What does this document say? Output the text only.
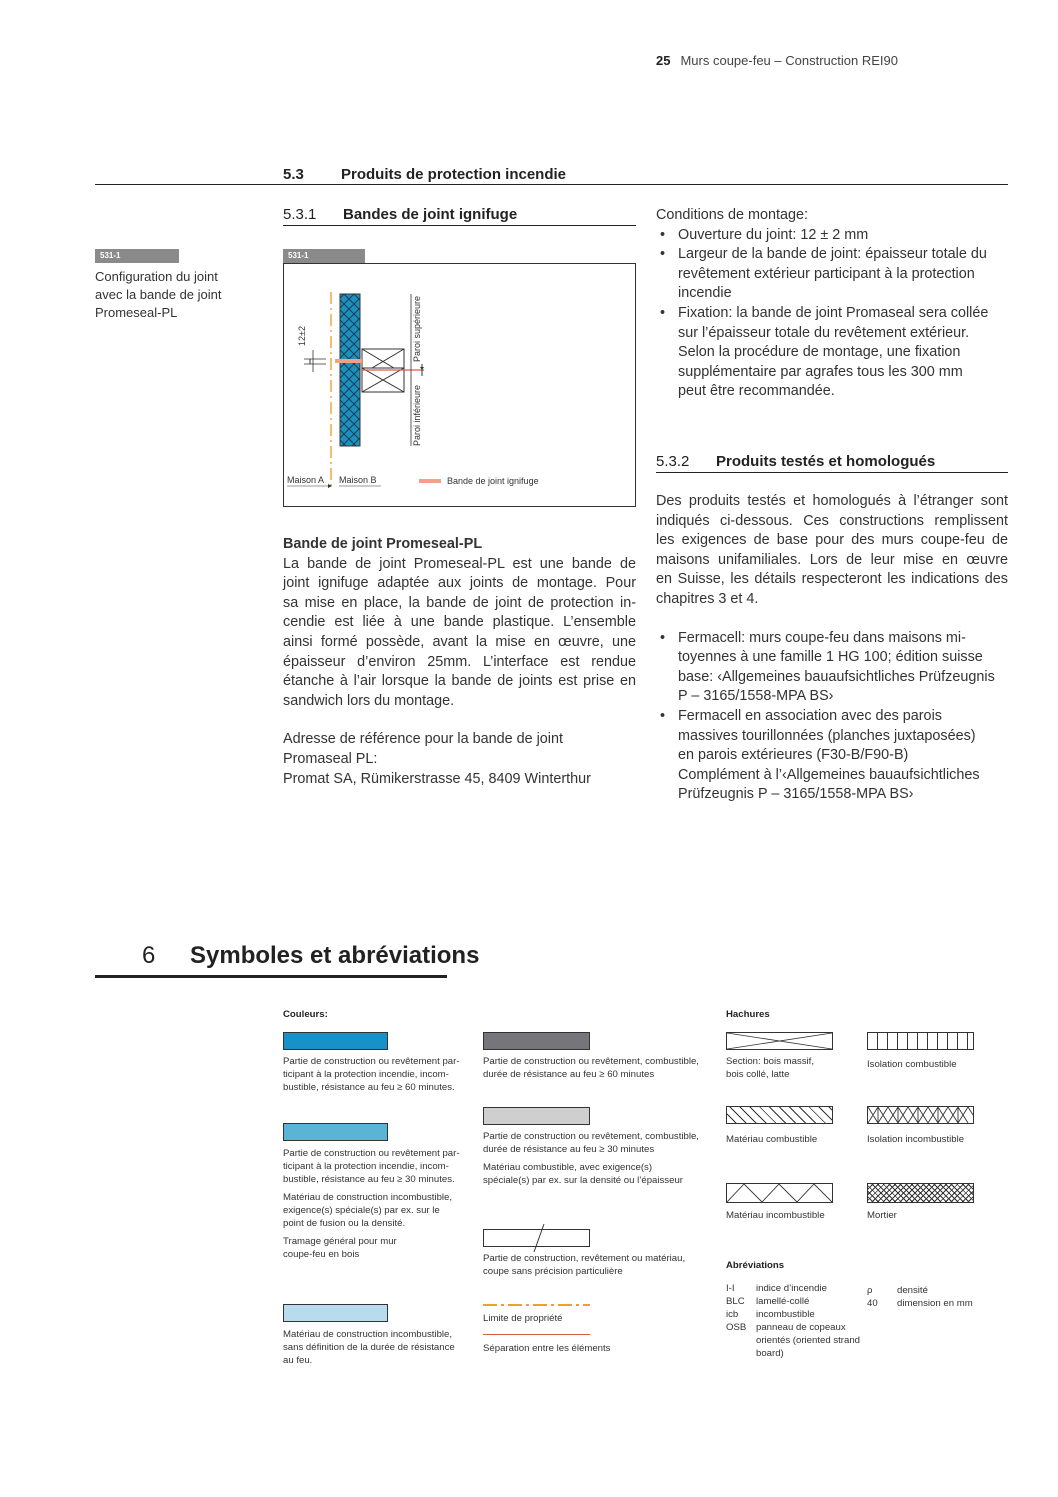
25 Murs coupe-feu – Construction REI90
5.3 Produits de protection incendie
5.3.1 Bandes de joint ignifuge
531-1
Configuration du joint
avec la bande de joint
Promeseal-PL
531-1
12±2	Paroi supérieure
Paroi inférieure
Maison A Maison B	Bande de joint ignifuge
Bande de joint Promeseal-PL
La bande de joint Promeseal-PL est une bande de
joint ignifuge adaptée aux joints de montage. Pour
sa mise en place, la bande de joint de protection in-
cendie est liée à une bande plastique. L’ensemble
ainsi formé possède, avant la mise en œuvre, une
épaisseur d’environ 25mm. L’interface est rendue
étanche à l’air lorsque la bande de joints est prise en
sandwich lors du montage.
Adresse de référence pour la bande de joint
Promaseal PL:
Promat SA, Rümikerstrasse 45, 8409 Winterthur
Conditions de montage:
• Ouverture du joint: 12 ± 2 mm
• Largeur de la bande de joint: épaisseur totale du
revêtement extérieur participant à la protection
incendie
• Fixation: la bande de joint Promaseal sera collée
sur l’épaisseur totale du revêtement extérieur.
Selon la procédure de montage, une fixation
supplémentaire par agrafes tous les 300 mm
peut être recommandée.
5.3.2 Produits testés et homologués
Des produits testés et homologués à l’étranger sont
indiqués ci-dessous. Ces constructions remplissent
les exigences de base pour des murs coupe-feu de
maisons unifamiliales. Lors de leur mise en œuvre
en Suisse, les détails respecteront les indications des
chapitres 3 et 4.
• Fermacell: murs coupe-feu dans maisons mi-
toyennes à une famille 1 HG 100; édition suisse
base: ‹Allgemeines bauaufsichtliches Prüfzeugnis
P – 3165/1558-MPA BS›
• Fermacell en association avec des parois
massives tourillonnées (planches juxtaposées)
en parois extérieures (F30-B/F90-B)
Complément à l’‹Allgemeines bauaufsichtliches
Prüfzeugnis P – 3165/1558-MPA BS›
6 Symboles et abréviations
Couleurs:
Partie de construction ou revêtement par-
ticipant à la protection incendie, incom-
bustible, résistance au feu ≥ 60 minutes.
Partie de construction ou revêtement par-
ticipant à la protection incendie, incom-
bustible, résistance au feu ≥ 30 minutes.
Matériau de construction incombustible,
exigence(s) spéciale(s) par ex. sur le
point de fusion ou la densité.
Tramage général pour mur
coupe-feu en bois
Matériau de construction incombustible,
sans définition de la durée de résistance
au feu.
Partie de construction ou revêtement, combustible,
durée de résistance au feu ≥ 60 minutes
Partie de construction ou revêtement, combustible,
durée de résistance au feu ≥ 30 minutes
Matériau combustible, avec exigence(s)
spéciale(s) par ex. sur la densité ou l’épaisseur
Partie de construction, revêtement ou matériau,
coupe sans précision particulière
Limite de propriété
Séparation entre les éléments
Hachures
Section: bois massif,
bois collé, latte
Isolation combustible
Matériau combustible	Isolation incombustible
Matériau incombustible	Mortier
Abréviations
I-I	indice d’incendie
BLC	lamellé-collé
icb	incombustible
OSB	panneau de copeaux
orientés (oriented strand
board)
ρ	densité
40	dimension en mm
